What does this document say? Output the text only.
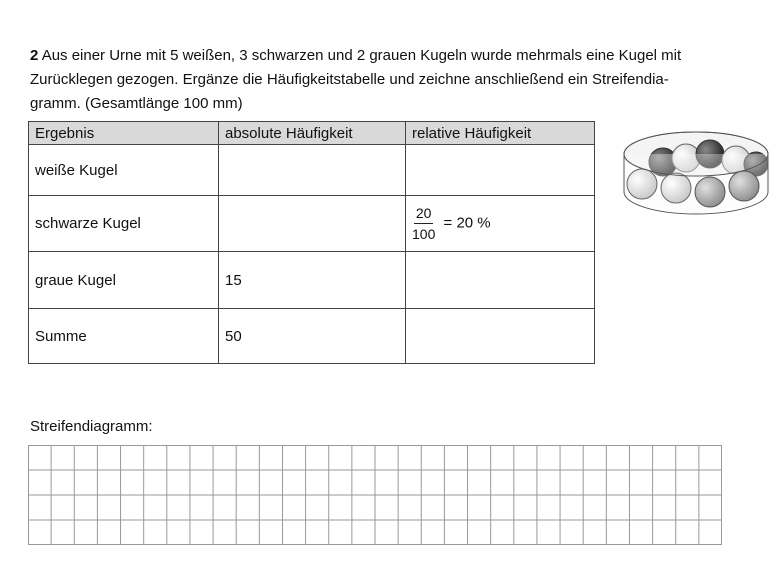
2 Aus einer Urne mit 5 weißen, 3 schwarzen und 2 grauen Kugeln wurde mehrmals eine Kugel mit
Zurücklegen gezogen. Ergänze die Häufigkeitstabelle und zeichne anschließend ein Streifendia-
gramm. (Gesamtlänge 100 mm)
Ergebnis	absolute Häufigkeit	relative Häufigkeit
weiße Kugel		
schwarze Kugel		$\frac{20}{100} = 20$ %
graue Kugel	15	
Summe	50	
Streifendiagramm:
